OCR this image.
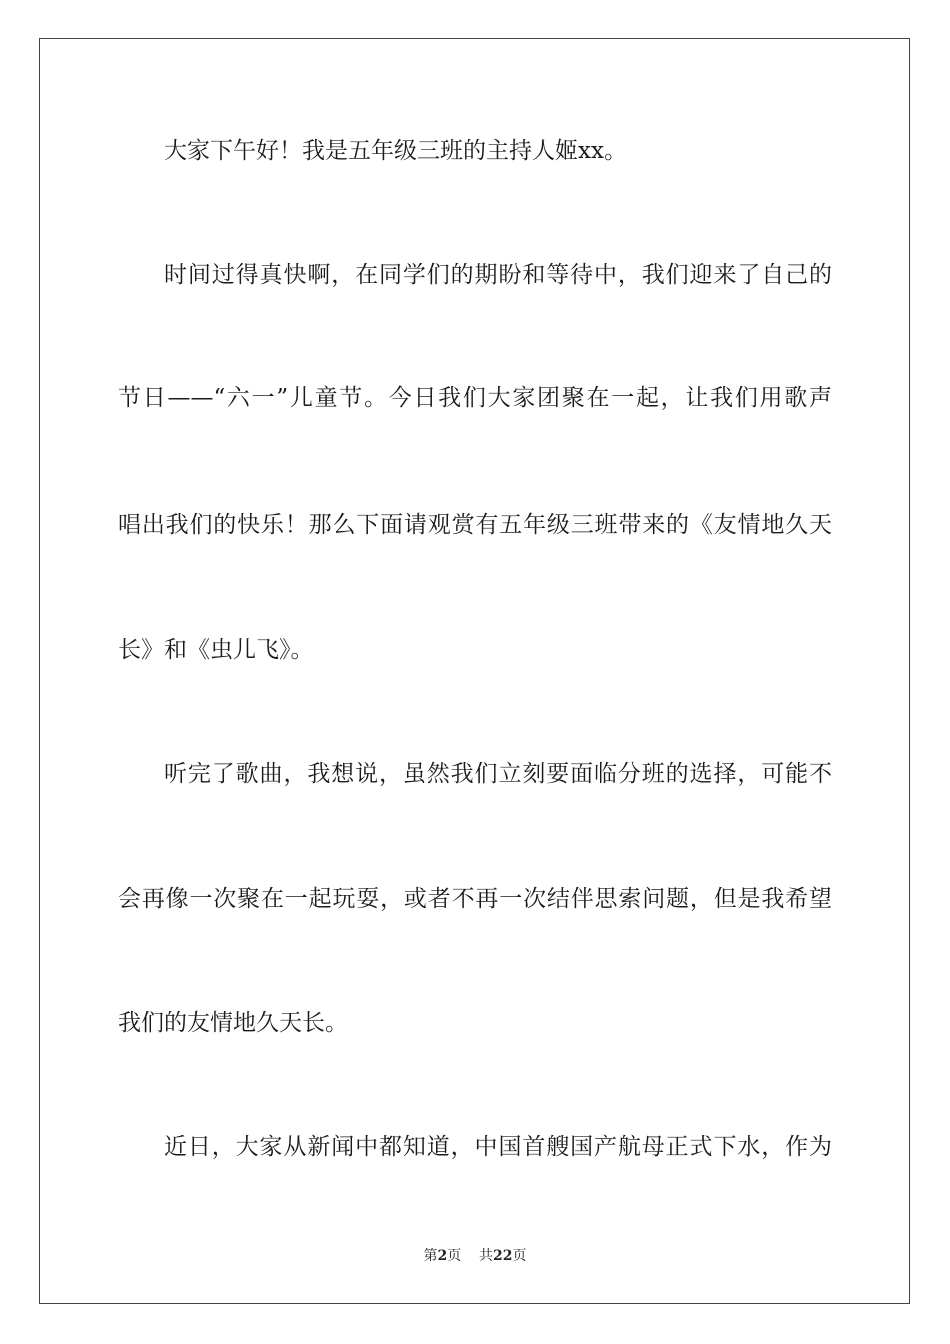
大家下午好！我是五年级三班的主持人姬xx。
时间过得真快啊，在同学们的期盼和等待中，我们迎来了自己的
节日——“六一”儿童节。今日我们大家团聚在一起，让我们用歌声
唱出我们的快乐！那么下面请观赏有五年级三班带来的《友情地久天
长》和《虫儿飞》。
听完了歌曲，我想说，虽然我们立刻要面临分班的选择，可能不
会再像一次聚在一起玩耍，或者不再一次结伴思索问题，但是我希望
我们的友情地久天长。
近日，大家从新闻中都知道，中国首艘国产航母正式下水，作为
第2页 共22页
